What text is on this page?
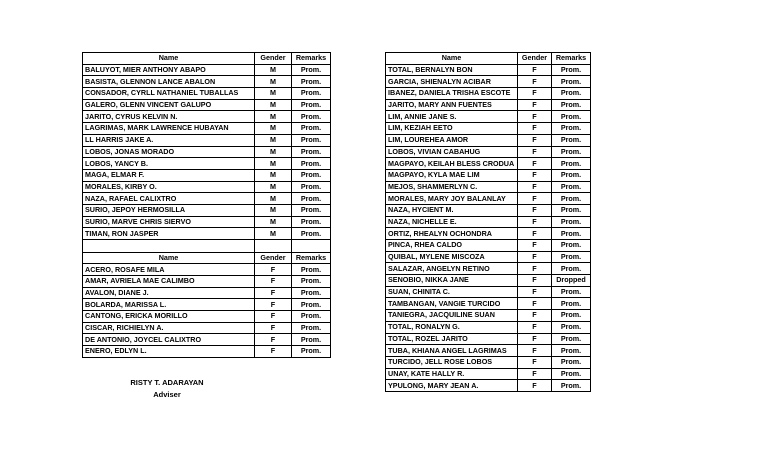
Name	Gender	Remarks
BALUYOT, MIER ANTHONY ABAPO	M	Prom.
BASISTA, GLENNON LANCE ABALON	M	Prom.
CONSADOR, CYRLL NATHANIEL TUBALLAS	M	Prom.
GALERO, GLENN VINCENT GALUPO	M	Prom.
JARITO, CYRUS KELVIN N.	M	Prom.
LAGRIMAS, MARK LAWRENCE HUBAYAN	M	Prom.
LL HARRIS JAKE A.	M	Prom.
LOBOS, JONAS MORADO	M	Prom.
LOBOS, YANCY B.	M	Prom.
MAGA, ELMAR F.	M	Prom.
MORALES, KIRBY O.	M	Prom.
NAZA, RAFAEL CALIXTRO	M	Prom.
SURIO, JEPOY HERMOSILLA	M	Prom.
SURIO, MARVE CHRIS SIERVO	M	Prom.
TIMAN, RON JASPER	M	Prom.

Name	Gender	Remarks
ACERO, ROSAFE MILA	F	Prom.
AMAR, AVRIELA MAE CALIMBO	F	Prom.
AVALON, DIANE J.	F	Prom.
BOLARDA, MARISSA L.	F	Prom.
CANTONG, ERICKA MORILLO	F	Prom.
CISCAR, RICHIELYN A.	F	Prom.
DE ANTONIO, JOYCEL CALIXTRO	F	Prom.
ENERO, EDLYN L.	F	Prom.
Name	Gender	Remarks
TOTAL, BERNALYN BON	F	Prom.
GARCIA, SHIENALYN ACIBAR	F	Prom.
IBANEZ, DANIELA TRISHA ESCOTE	F	Prom.
JARITO, MARY ANN FUENTES	F	Prom.
LIM, ANNIE JANE S.	F	Prom.
LIM, KEZIAH EETO	F	Prom.
LIM, LOUREHEA AMOR	F	Prom.
LOBOS, VIVIAN CABAHUG	F	Prom.
MAGPAYO, KEILAH BLESS CRODUA	F	Prom.
MAGPAYO, KYLA MAE LIM	F	Prom.
MEJOS, SHAMMERLYN C.	F	Prom.
MORALES, MARY JOY BALANLAY	F	Prom.
NAZA, HYCIENT M.	F	Prom.
NAZA, NICHELLE E.	F	Prom.
ORTIZ, RHEALYN OCHONDRA	F	Prom.
PINCA, RHEA CALDO	F	Prom.
QUIBAL, MYLENE MISCOZA	F	Prom.
SALAZAR, ANGELYN RETINO	F	Prom.
SENOBIO, NIKKA JANE	F	Dropped
SUAN, CHINITA C.	F	Prom.
TAMBANGAN, VANGIE TURCIDO	F	Prom.
TANIEGRA, JACQUILINE SUAN	F	Prom.
TOTAL, RONALYN G.	F	Prom.
TOTAL, ROZEL JARITO	F	Prom.
TUBA, KHIANA ANGEL LAGRIMAS	F	Prom.
TURCIDO, JELL ROSE LOBOS	F	Prom.
UNAY, KATE HALLY R.	F	Prom.
YPULONG, MARY JEAN A.	F	Prom.
RISTY T. ADARAYAN
Adviser
